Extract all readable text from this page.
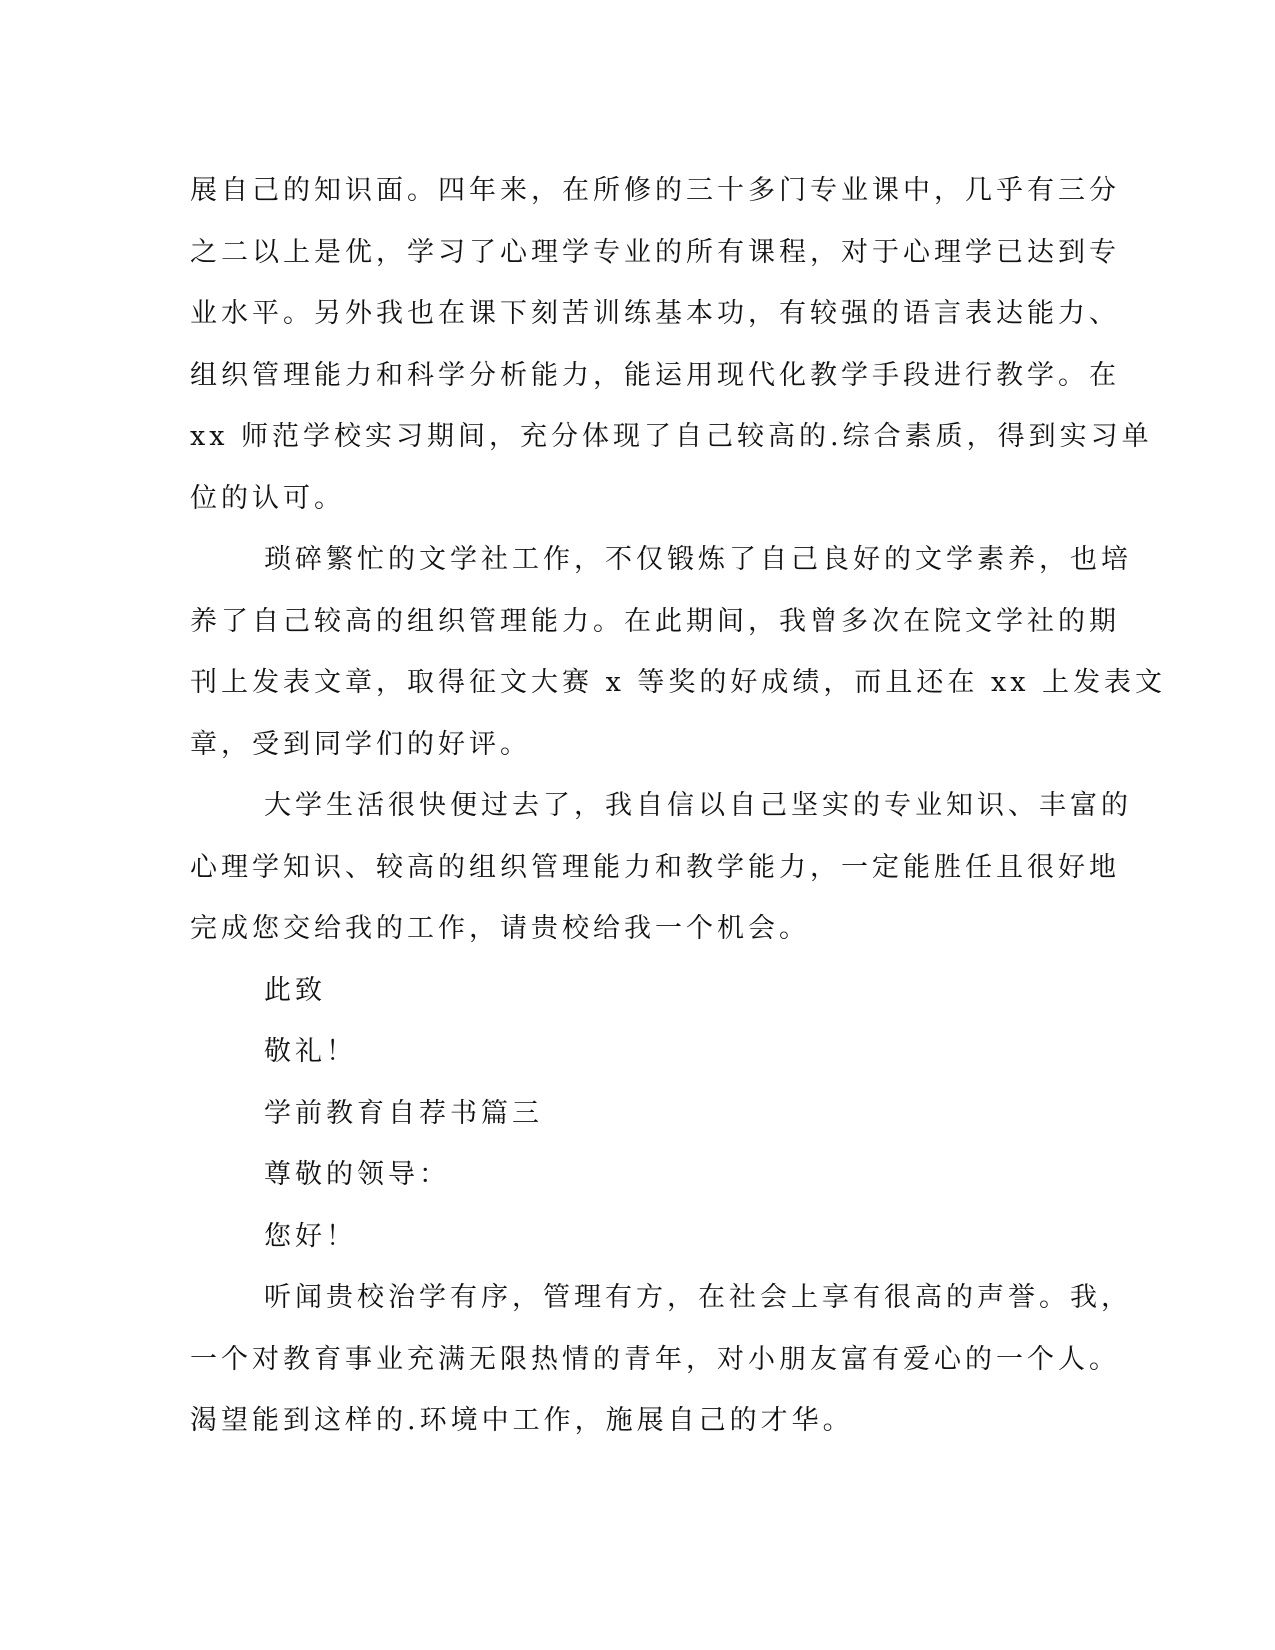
展自己的知识面。四年来，在所修的三十多门专业课中，几乎有三分
之二以上是优，学习了心理学专业的所有课程，对于心理学已达到专
业水平。另外我也在课下刻苦训练基本功，有较强的语言表达能力、
组织管理能力和科学分析能力，能运用现代化教学手段进行教学。在
xx 师范学校实习期间，充分体现了自己较高的.综合素质，得到实习单
位的认可。
琐碎繁忙的文学社工作，不仅锻炼了自己良好的文学素养，也培
养了自己较高的组织管理能力。在此期间，我曾多次在院文学社的期
刊上发表文章，取得征文大赛 x 等奖的好成绩，而且还在 xx 上发表文
章，受到同学们的好评。
大学生活很快便过去了，我自信以自己坚实的专业知识、丰富的
心理学知识、较高的组织管理能力和教学能力，一定能胜任且很好地
完成您交给我的工作，请贵校给我一个机会。
此致
敬礼！
学前教育自荐书篇三
尊敬的领导：
您好！
听闻贵校治学有序，管理有方，在社会上享有很高的声誉。我，
一个对教育事业充满无限热情的青年，对小朋友富有爱心的一个人。
渴望能到这样的.环境中工作，施展自己的才华。
